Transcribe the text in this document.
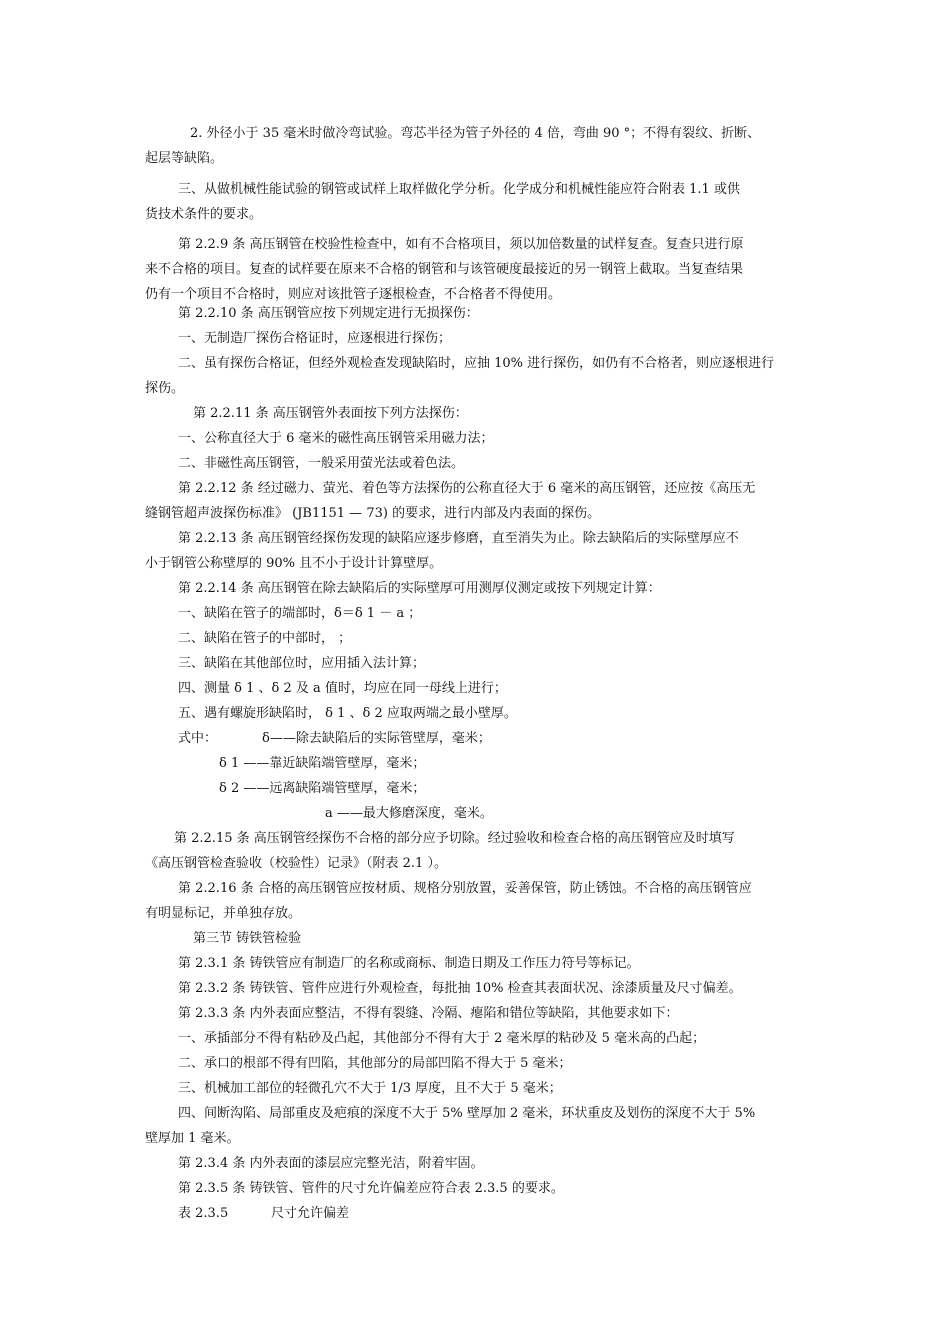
2. 外径小于 35 毫米时做冷弯试验。弯芯半径为管子外径的 4 倍，弯曲 90 °；不得有裂纹、折断、
起层等缺陷。
三、从做机械性能试验的钢管或试样上取样做化学分析。化学成分和机械性能应符合附表 1.1 或供
货技术条件的要求。
第 2.2.9 条 高压钢管在校验性检查中，如有不合格项目，须以加倍数量的试样复查。复查只进行原
来不合格的项目。复查的试样要在原来不合格的钢管和与该管硬度最接近的另一钢管上截取。当复查结果
仍有一个项目不合格时，则应对该批管子逐根检查，不合格者不得使用。
第 2.2.10 条 高压钢管应按下列规定进行无损探伤：
一、无制造厂探伤合格证时，应逐根进行探伤；
二、虽有探伤合格证，但经外观检查发现缺陷时，应抽 10% 进行探伤，如仍有不合格者，则应逐根进行
探伤。
第 2.2.11 条 高压钢管外表面按下列方法探伤：
一、公称直径大于 6 毫米的磁性高压钢管采用磁力法；
二、非磁性高压钢管，一般采用萤光法或着色法。
第 2.2.12 条 经过磁力、萤光、着色等方法探伤的公称直径大于 6 毫米的高压钢管，还应按《高压无
缝钢管超声波探伤标准》 (JB1151 — 73) 的要求，进行内部及内表面的探伤。
第 2.2.13 条 高压钢管经探伤发现的缺陷应逐步修磨，直至消失为止。除去缺陷后的实际壁厚应不
小于钢管公称壁厚的 90% 且不小于设计计算壁厚。
第 2.2.14 条 高压钢管在除去缺陷后的实际壁厚可用测厚仪测定或按下列规定计算：
一、缺陷在管子的端部时，δ＝δ 1 － a ；
二、缺陷在管子的中部时， ；
三、缺陷在其他部位时，应用插入法计算；
四、测量 δ 1 、δ 2 及 a 值时，均应在同一母线上进行；
五、遇有螺旋形缺陷时， δ 1 、δ 2 应取两端之最小壁厚。
式中：	δ——除去缺陷后的实际管壁厚，毫米；
δ 1 ——靠近缺陷端管壁厚，毫米；
δ 2 ——远离缺陷端管壁厚，毫米；
a ——最大修磨深度，毫米。
第 2.2.15 条 高压钢管经探伤不合格的部分应予切除。经过验收和检查合格的高压钢管应及时填写
《高压钢管检查验收（校验性）记录》（附表 2.1 ）。
第 2.2.16 条 合格的高压钢管应按材质、规格分别放置，妥善保管，防止锈蚀。不合格的高压钢管应
有明显标记，并单独存放。
第三节 铸铁管检验
第 2.3.1 条 铸铁管应有制造厂的名称或商标、制造日期及工作压力符号等标记。
第 2.3.2 条 铸铁管、管件应进行外观检查，每批抽 10% 检查其表面状况、涂漆质量及尺寸偏差。
第 2.3.3 条 内外表面应整洁，不得有裂缝、冷隔、瘪陷和错位等缺陷，其他要求如下：
一、承插部分不得有粘砂及凸起，其他部分不得有大于 2 毫米厚的粘砂及 5 毫米高的凸起；
二、承口的根部不得有凹陷，其他部分的局部凹陷不得大于 5 毫米；
三、机械加工部位的轻微孔穴不大于 1/3 厚度，且不大于 5 毫米；
四、间断沟陷、局部重皮及疤痕的深度不大于 5% 壁厚加 2 毫米，环状重皮及划伤的深度不大于 5%
壁厚加 1 毫米。
第 2.3.4 条 内外表面的漆层应完整光洁，附着牢固。
第 2.3.5 条 铸铁管、管件的尺寸允许偏差应符合表 2.3.5 的要求。
表 2.3.5	尺寸允许偏差
